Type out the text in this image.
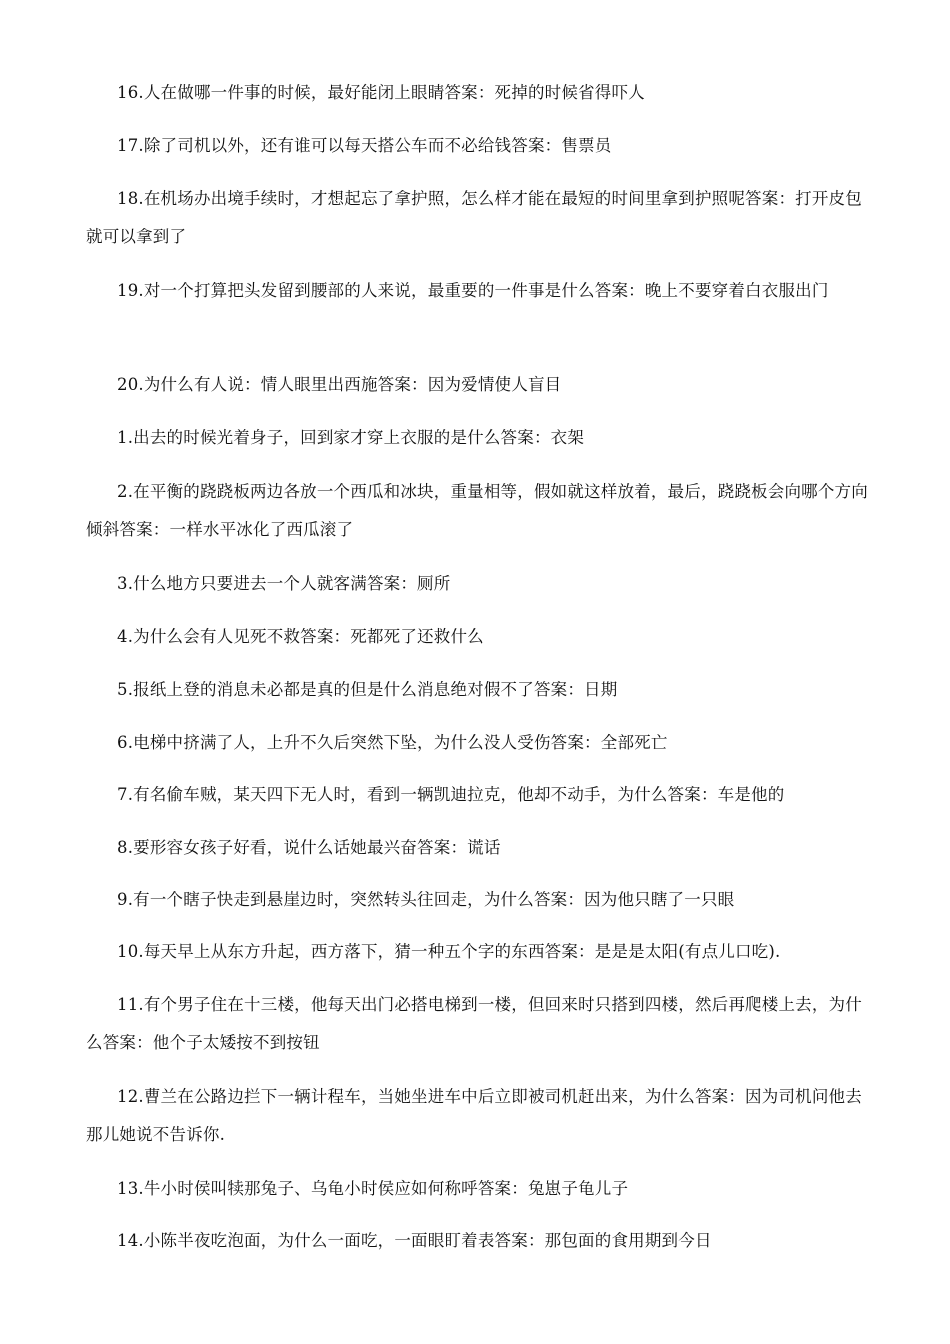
16.人在做哪一件事的时候，最好能闭上眼睛答案：死掉的时候省得吓人

17.除了司机以外，还有谁可以每天搭公车而不必给钱答案：售票员

18.在机场办出境手续时，才想起忘了拿护照，怎么样才能在最短的时间里拿到护照呢答案：打开皮包就可以拿到了

19.对一个打算把头发留到腰部的人来说，最重要的一件事是什么答案：晚上不要穿着白衣服出门

20.为什么有人说：情人眼里出西施答案：因为爱情使人盲目

1.出去的时候光着身子，回到家才穿上衣服的是什么答案：衣架

2.在平衡的跷跷板两边各放一个西瓜和冰块，重量相等，假如就这样放着，最后，跷跷板会向哪个方向倾斜答案：一样水平冰化了西瓜滚了

3.什么地方只要进去一个人就客满答案：厕所

4.为什么会有人见死不救答案：死都死了还救什么

5.报纸上登的消息未必都是真的但是什么消息绝对假不了答案：日期

6.电梯中挤满了人，上升不久后突然下坠，为什么没人受伤答案：全部死亡

7.有名偷车贼，某天四下无人时，看到一辆凯迪拉克，他却不动手，为什么答案：车是他的

8.要形容女孩子好看，说什么话她最兴奋答案：谎话

9.有一个瞎子快走到悬崖边时，突然转头往回走，为什么答案：因为他只瞎了一只眼

10.每天早上从东方升起，西方落下，猜一种五个字的东西答案：是是是太阳(有点儿口吃).

11.有个男子住在十三楼，他每天出门必搭电梯到一楼，但回来时只搭到四楼，然后再爬楼上去，为什么答案：他个子太矮按不到按钮

12.曹兰在公路边拦下一辆计程车，当她坐进车中后立即被司机赶出来，为什么答案：因为司机问他去那儿她说不告诉你.

13.牛小时侯叫犊那兔子、乌龟小时侯应如何称呼答案：兔崽子龟儿子

14.小陈半夜吃泡面，为什么一面吃，一面眼盯着表答案：那包面的食用期到今日
